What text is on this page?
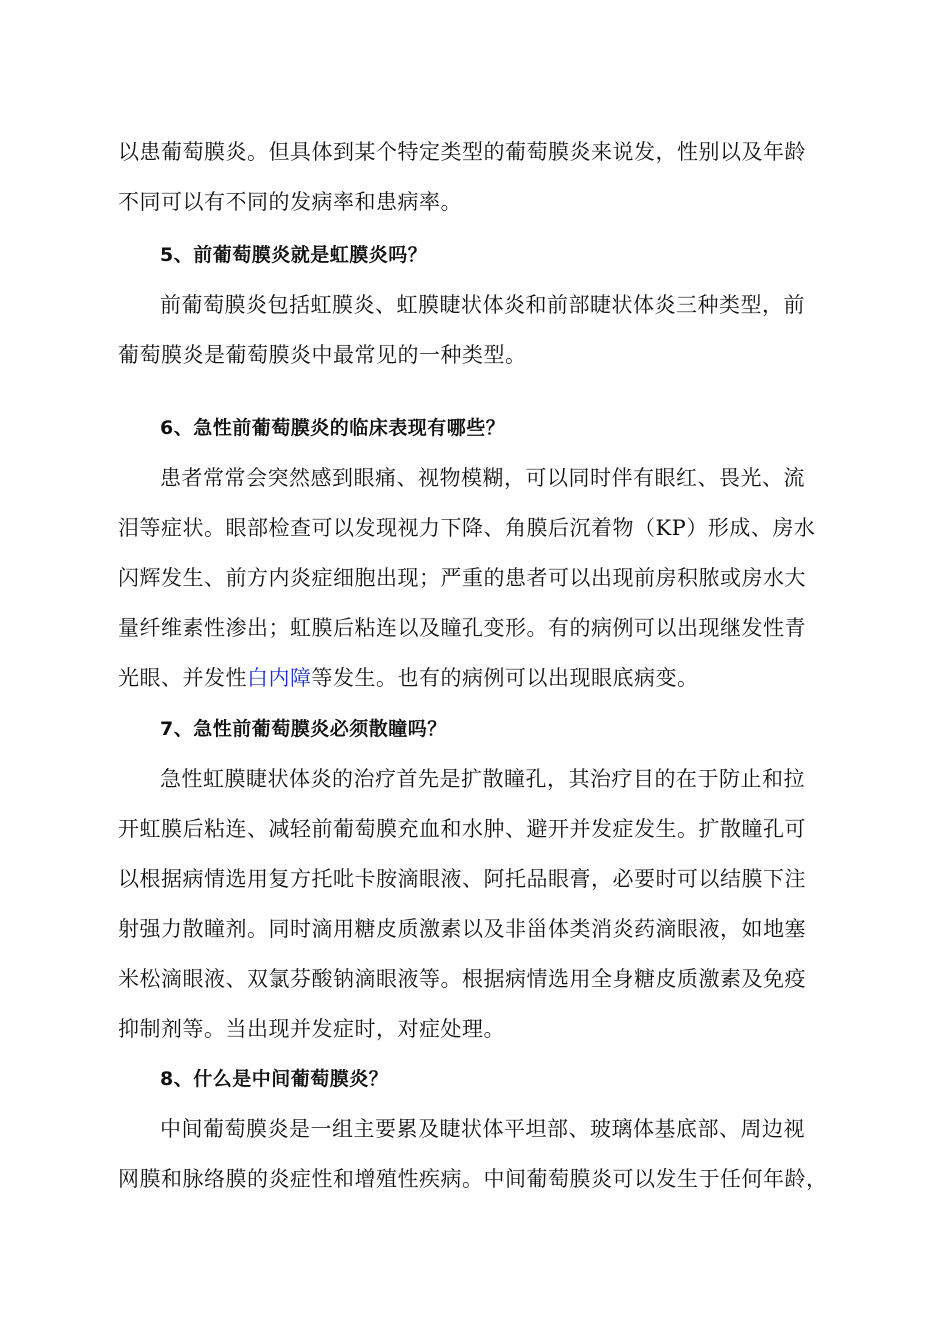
以患葡萄膜炎。但具体到某个特定类型的葡萄膜炎来说发，性别以及年龄
不同可以有不同的发病率和患病率。
5、前葡萄膜炎就是虹膜炎吗？
前葡萄膜炎包括虹膜炎、虹膜睫状体炎和前部睫状体炎三种类型，前
葡萄膜炎是葡萄膜炎中最常见的一种类型。
6、急性前葡萄膜炎的临床表现有哪些？
患者常常会突然感到眼痛、视物模糊，可以同时伴有眼红、畏光、流
泪等症状。眼部检查可以发现视力下降、角膜后沉着物（KP）形成、房水
闪辉发生、前方内炎症细胞出现；严重的患者可以出现前房积脓或房水大
量纤维素性渗出；虹膜后粘连以及瞳孔变形。有的病例可以出现继发性青
光眼、并发性白内障等发生。也有的病例可以出现眼底病变。
7、急性前葡萄膜炎必须散瞳吗？
急性虹膜睫状体炎的治疗首先是扩散瞳孔，其治疗目的在于防止和拉
开虹膜后粘连、减轻前葡萄膜充血和水肿、避开并发症发生。扩散瞳孔可
以根据病情选用复方托吡卡胺滴眼液、阿托品眼膏，必要时可以结膜下注
射强力散瞳剂。同时滴用糖皮质激素以及非甾体类消炎药滴眼液，如地塞
米松滴眼液、双氯芬酸钠滴眼液等。根据病情选用全身糖皮质激素及免疫
抑制剂等。当出现并发症时，对症处理。
8、什么是中间葡萄膜炎？
中间葡萄膜炎是一组主要累及睫状体平坦部、玻璃体基底部、周边视
网膜和脉络膜的炎症性和增殖性疾病。中间葡萄膜炎可以发生于任何年龄，
